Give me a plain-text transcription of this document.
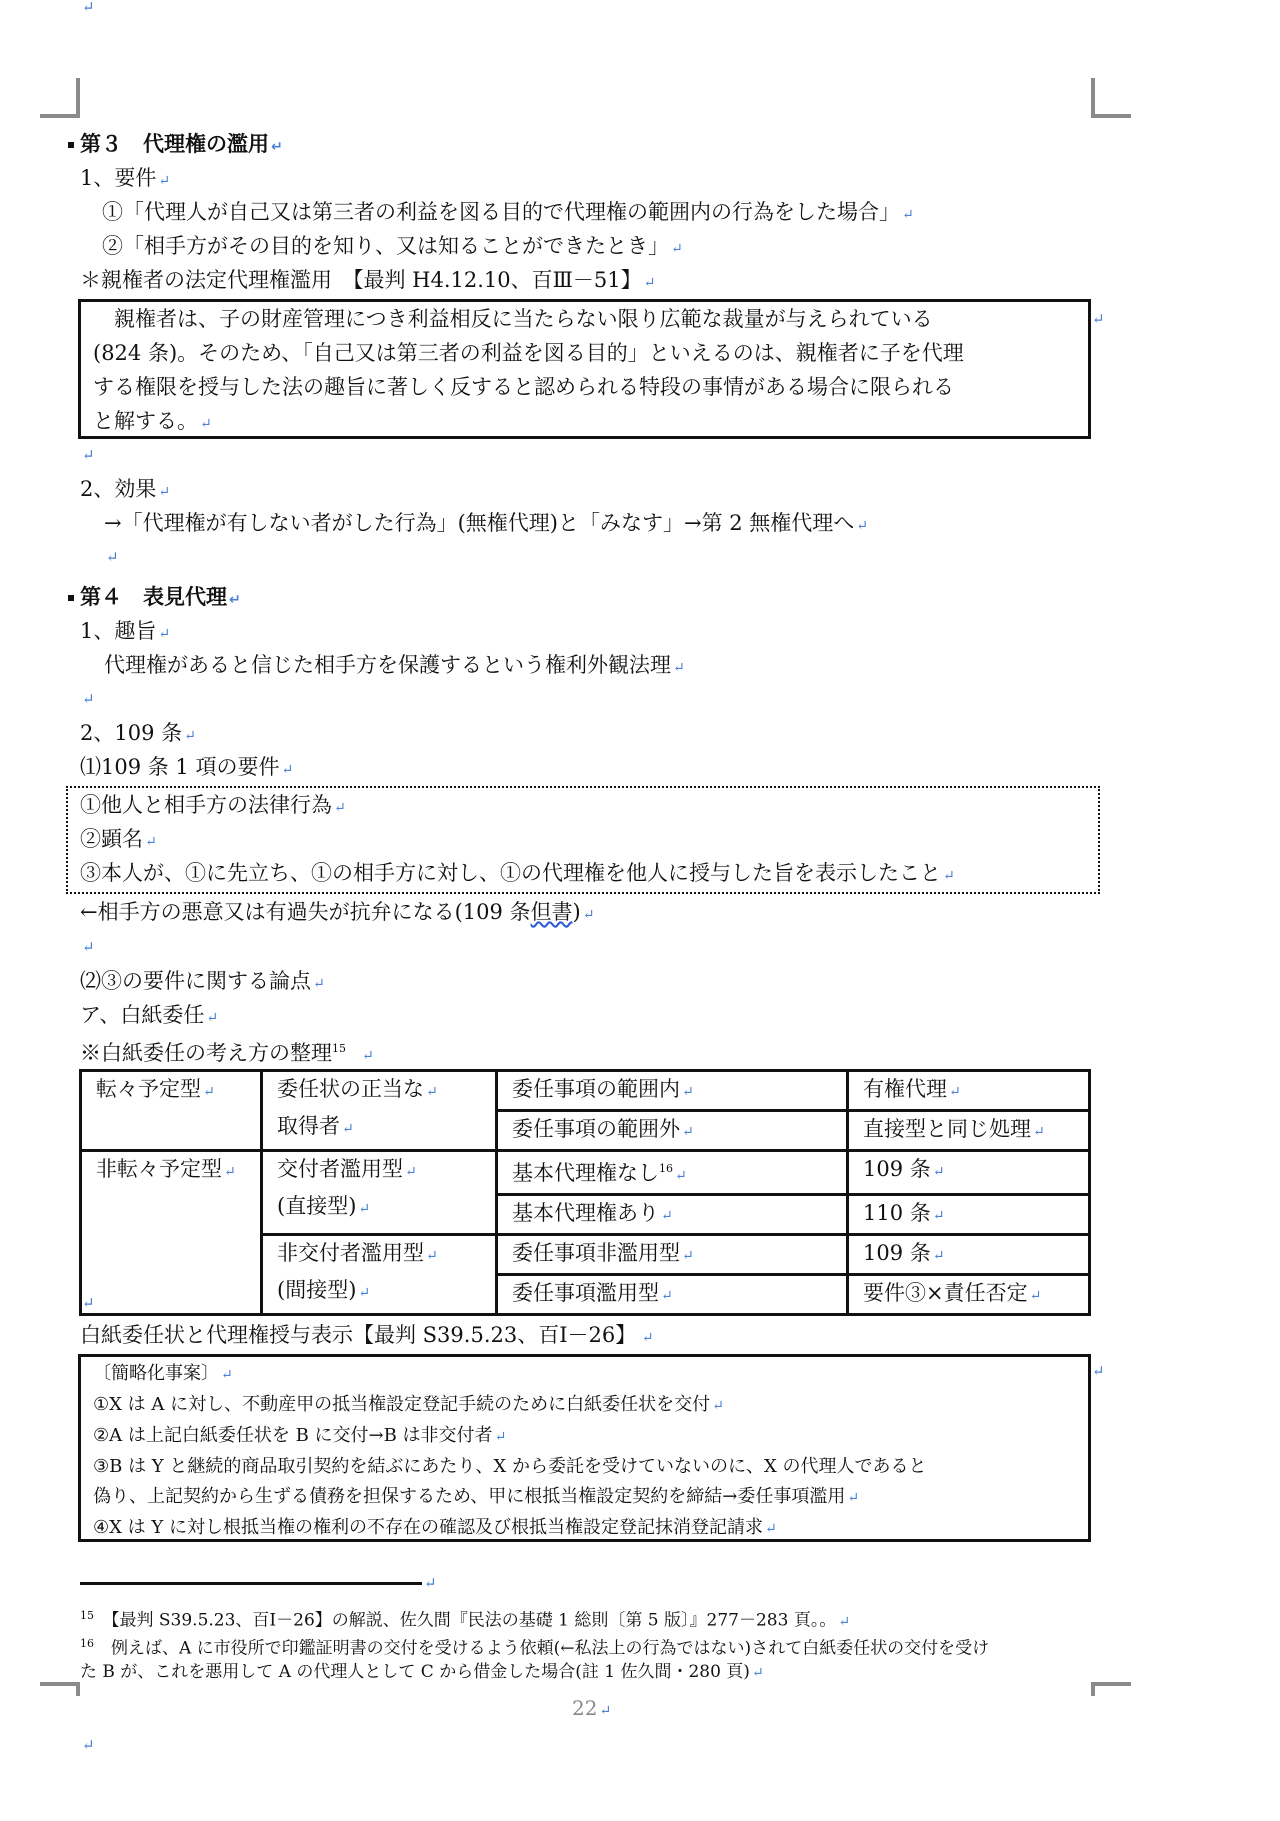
↵
第３　代理権の濫用 ↵
1、要件 ↵
①「代理人が自己又は第三者の利益を図る目的で代理権の範囲内の行為をした場合」 ↵
②「相手方がその目的を知り、又は知ることができたとき」 ↵
＊親権者の法定代理権濫用　【最判 H4.12.10、百Ⅲ－51】 ↵
　親権者は、子の財産管理につき利益相反に当たらない限り広範な裁量が与えられている
(824 条)。そのため、「自己又は第三者の利益を図る目的」といえるのは、親権者に子を代理
する権限を授与した法の趣旨に著しく反すると認められる特段の事情がある場合に限られる
と解する。 ↵
↵
↵
2、効果 ↵
→「代理権が有しない者がした行為」(無権代理)と「みなす」→第 2 無権代理へ ↵
↵
第４　表見代理 ↵
1、趣旨 ↵
代理権があると信じた相手方を保護するという権利外観法理 ↵
↵
2、109 条 ↵
⑴109 条 1 項の要件 ↵
①他人と相手方の法律行為 ↵
②顕名 ↵
③本人が、①に先立ち、①の相手方に対し、①の代理権を他人に授与した旨を表示したこと ↵
←相手方の悪意又は有過失が抗弁になる(109 条但書) ↵
↵
⑵③の要件に関する論点 ↵
ア、白紙委任 ↵
※白紙委任の考え方の整理$^{15}$　↵
転々予定型 ↵	委任状の正当な ↵
取得者 ↵	委任事項の範囲内 ↵	有権代理 ↵
		委任事項の範囲外 ↵	直接型と同じ処理 ↵
非転々予定型 ↵	交付者濫用型 ↵
(直接型) ↵	基本代理権なし$^{16}$ ↵	109 条 ↵
		基本代理権あり ↵	110 条 ↵
	非交付者濫用型 ↵
(間接型) ↵	委任事項非濫用型 ↵	109 条 ↵
		委任事項濫用型 ↵	要件③×責任否定 ↵
↵
白紙委任状と代理権授与表示【最判 S39.5.23、百Ⅰ－26】　↵
〔簡略化事案〕 ↵
①X は A に対し、不動産甲の抵当権設定登記手続のために白紙委任状を交付 ↵
②A は上記白紙委任状を B に交付→B は非交付者 ↵
③B は Y と継続的商品取引契約を結ぶにあたり、X から委託を受けていないのに、X の代理人であると
偽り、上記契約から生ずる債務を担保するため、甲に根抵当権設定契約を締結→委任事項濫用 ↵
④X は Y に対し根抵当権の権利の不存在の確認及び根抵当権設定登記抹消登記請求 ↵
↵
↵
$^{15}$　 【最判 S39.5.23、百Ⅰ－26】の解説、佐久間『民法の基礎 1 総則〔第 5 版〕』277－283 頁。。 ↵
$^{16}$　 例えば、A に市役所で印鑑証明書の交付を受けるよう依頼(←私法上の行為ではない)されて白紙委任状の交付を受け
た B が、これを悪用して A の代理人として C から借金した場合(註 1 佐久間・280 頁) ↵
22 ↵
↵
